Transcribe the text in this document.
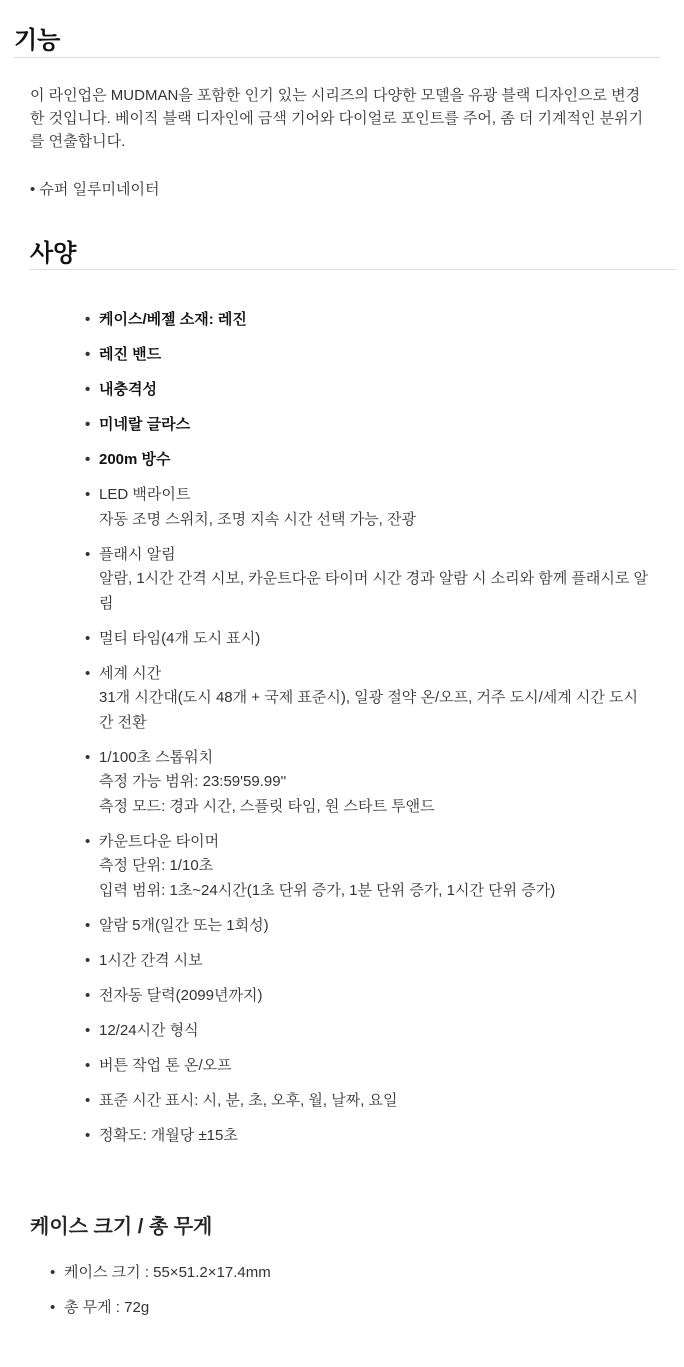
기능

이 라인업은 MUDMAN을 포함한 인기 있는 시리즈의 다양한 모델을 유광 블랙 디자인으로 변경한 것입니다. 베이직 블랙 디자인에 금색 기어와 다이얼로 포인트를 주어, 좀 더 기계적인 분위기를 연출합니다.

• 슈퍼 일루미네이터

사양
• 케이스/베젤 소재: 레진
• 레진 밴드
• 내충격성
• 미네랄 글라스
• 200m 방수
• LED 백라이트
자동 조명 스위치, 조명 지속 시간 선택 가능, 잔광
• 플래시 알림
알람, 1시간 간격 시보, 카운트다운 타이머 시간 경과 알람 시 소리와 함께 플래시로 알림
• 멀티 타임(4개 도시 표시)
• 세계 시간
31개 시간대(도시 48개 + 국제 표준시), 일광 절약 온/오프, 거주 도시/세계 시간 도시 간 전환
• 1/100초 스톱워치
측정 가능 범위: 23:59'59.99''
측정 모드: 경과 시간, 스플릿 타임, 원 스타트 투앤드
• 카운트다운 타이머
측정 단위: 1/10초
입력 범위: 1초~24시간(1초 단위 증가, 1분 단위 증가, 1시간 단위 증가)
• 알람 5개(일간 또는 1회성)
• 1시간 간격 시보
• 전자동 달력(2099년까지)
• 12/24시간 형식
• 버튼 작업 톤 온/오프
• 표준 시간 표시: 시, 분, 초, 오후, 월, 날짜, 요일
• 정확도: 개월당 ±15초
케이스 크기 / 총 무게
• 케이스 크기 : 55×51.2×17.4mm
• 총 무게 : 72g
